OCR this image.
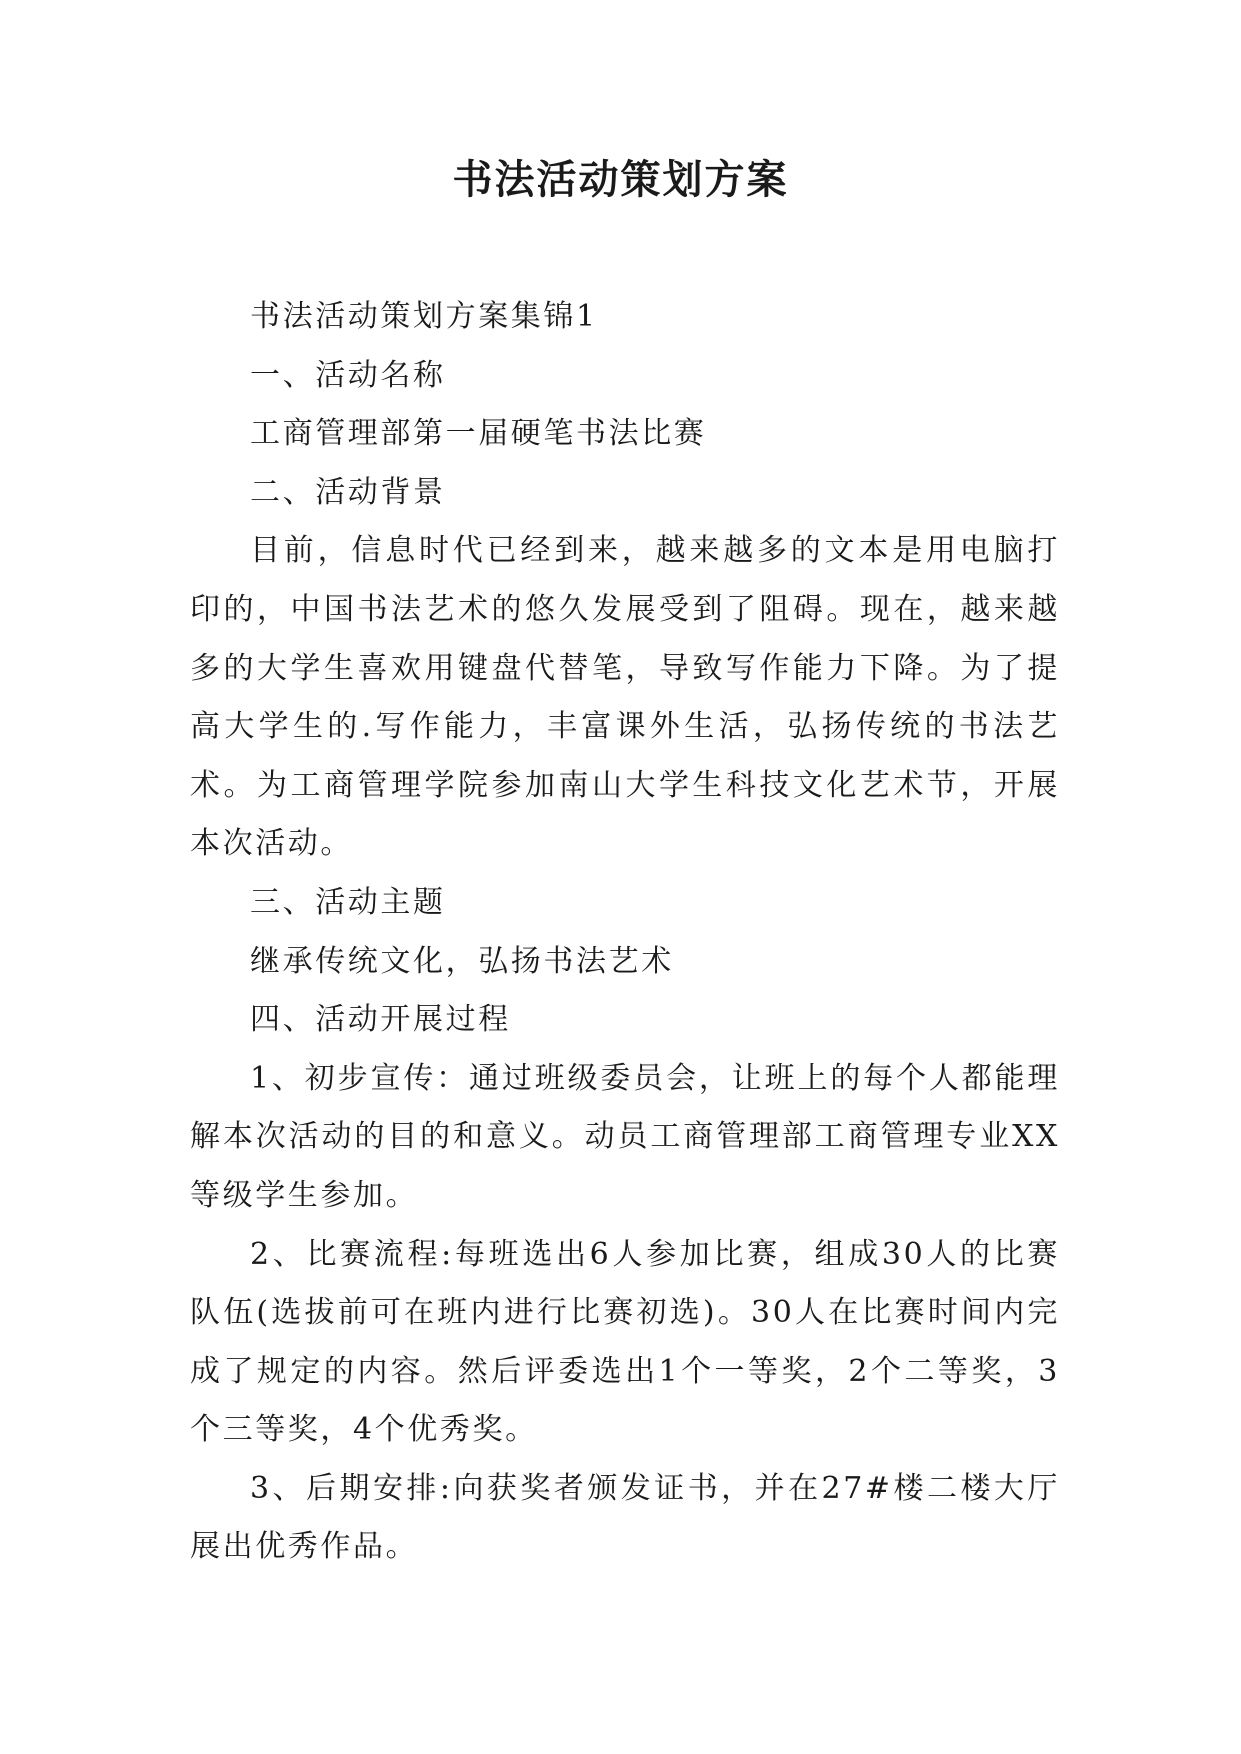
书法活动策划方案

书法活动策划方案集锦1

一、活动名称

工商管理部第一届硬笔书法比赛

二、活动背景

目前，信息时代已经到来，越来越多的文本是用电脑打印的，中国书法艺术的悠久发展受到了阻碍。现在，越来越多的大学生喜欢用键盘代替笔，导致写作能力下降。为了提高大学生的.写作能力，丰富课外生活，弘扬传统的书法艺术。为工商管理学院参加南山大学生科技文化艺术节，开展本次活动。

三、活动主题

继承传统文化，弘扬书法艺术

四、活动开展过程

1、初步宣传：通过班级委员会，让班上的每个人都能理解本次活动的目的和意义。动员工商管理部工商管理专业XX等级学生参加。

2、比赛流程:每班选出6人参加比赛，组成30人的比赛队伍(选拔前可在班内进行比赛初选)。30人在比赛时间内完成了规定的内容。然后评委选出1个一等奖，2个二等奖，3个三等奖，4个优秀奖。

3、后期安排:向获奖者颁发证书，并在27#楼二楼大厅展出优秀作品。
